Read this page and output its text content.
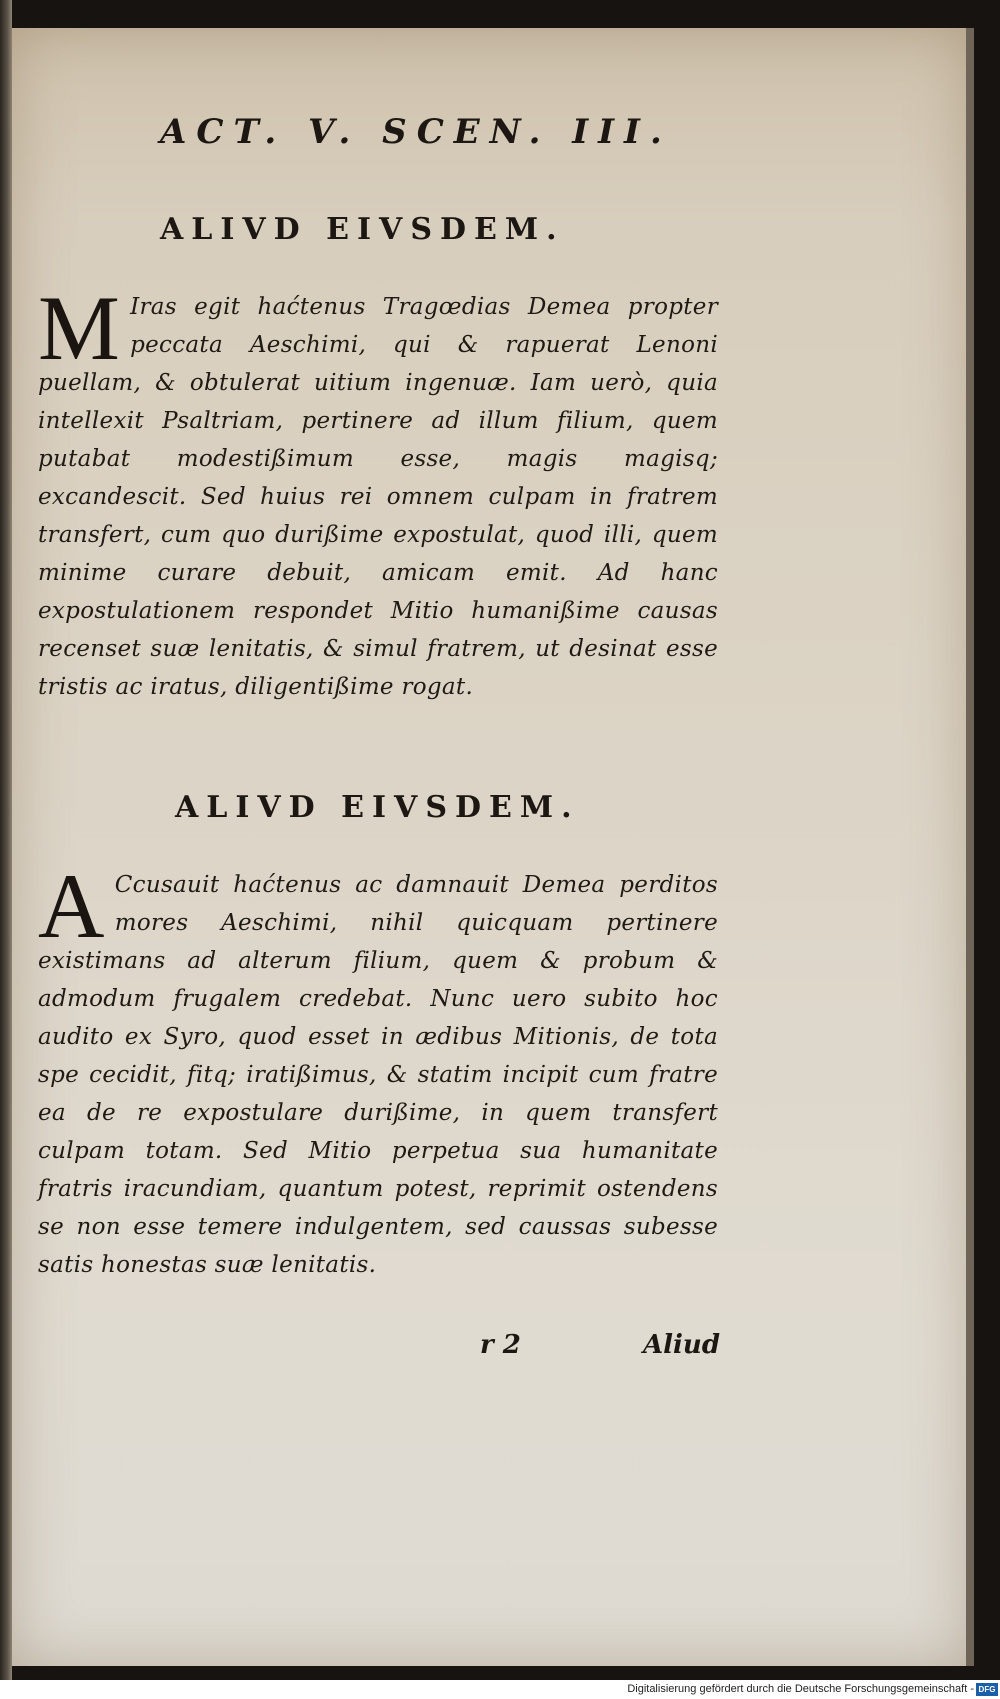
ACT. V. SCEN. III.
ALIVD EIVSDEM.

M Iras egit haćtenus Tragœdias Demea propter peccata Aeschimi, qui & rapuerat Lenoni puellam, & obtulerat uitium ingenuæ. Iam uerò, quia intellexit Psaltriam, pertinere ad illum filium, quem putabat modestißimum esse, magis magisq; excandescit. Sed huius rei omnem culpam in fratrem transfert, cum quo durißime expostulat, quod illi, quem minime curare debuit, amicam emit. Ad hanc expostulationem respondet Mitio humanißime causas recenset suæ lenitatis, & simul fratrem, ut desinat esse tristis ac iratus, diligentißime rogat.

ALIVD EIVSDEM.

A Ccusauit haćtenus ac damnauit Demea perditos mores Aeschimi, nihil quicquam pertinere existimans ad alterum filium, quem & probum & admodum frugalem credebat. Nunc uero subito hoc audito ex Syro, quod esset in ædibus Mitionis, de tota spe cecidit, fitq; iratißimus, & statim incipit cum fratre ea de re expostulare durißime, in quem transfert culpam totam. Sed Mitio perpetua sua humanitate fratris iracundiam, quantum potest, reprimit ostendens se non esse temere indulgentem, sed caussas subesse satis honestas suæ lenitatis.

r 2	Aliud
Digitalisierung gefördert durch die Deutsche Forschungsgemeinschaft - DFG
